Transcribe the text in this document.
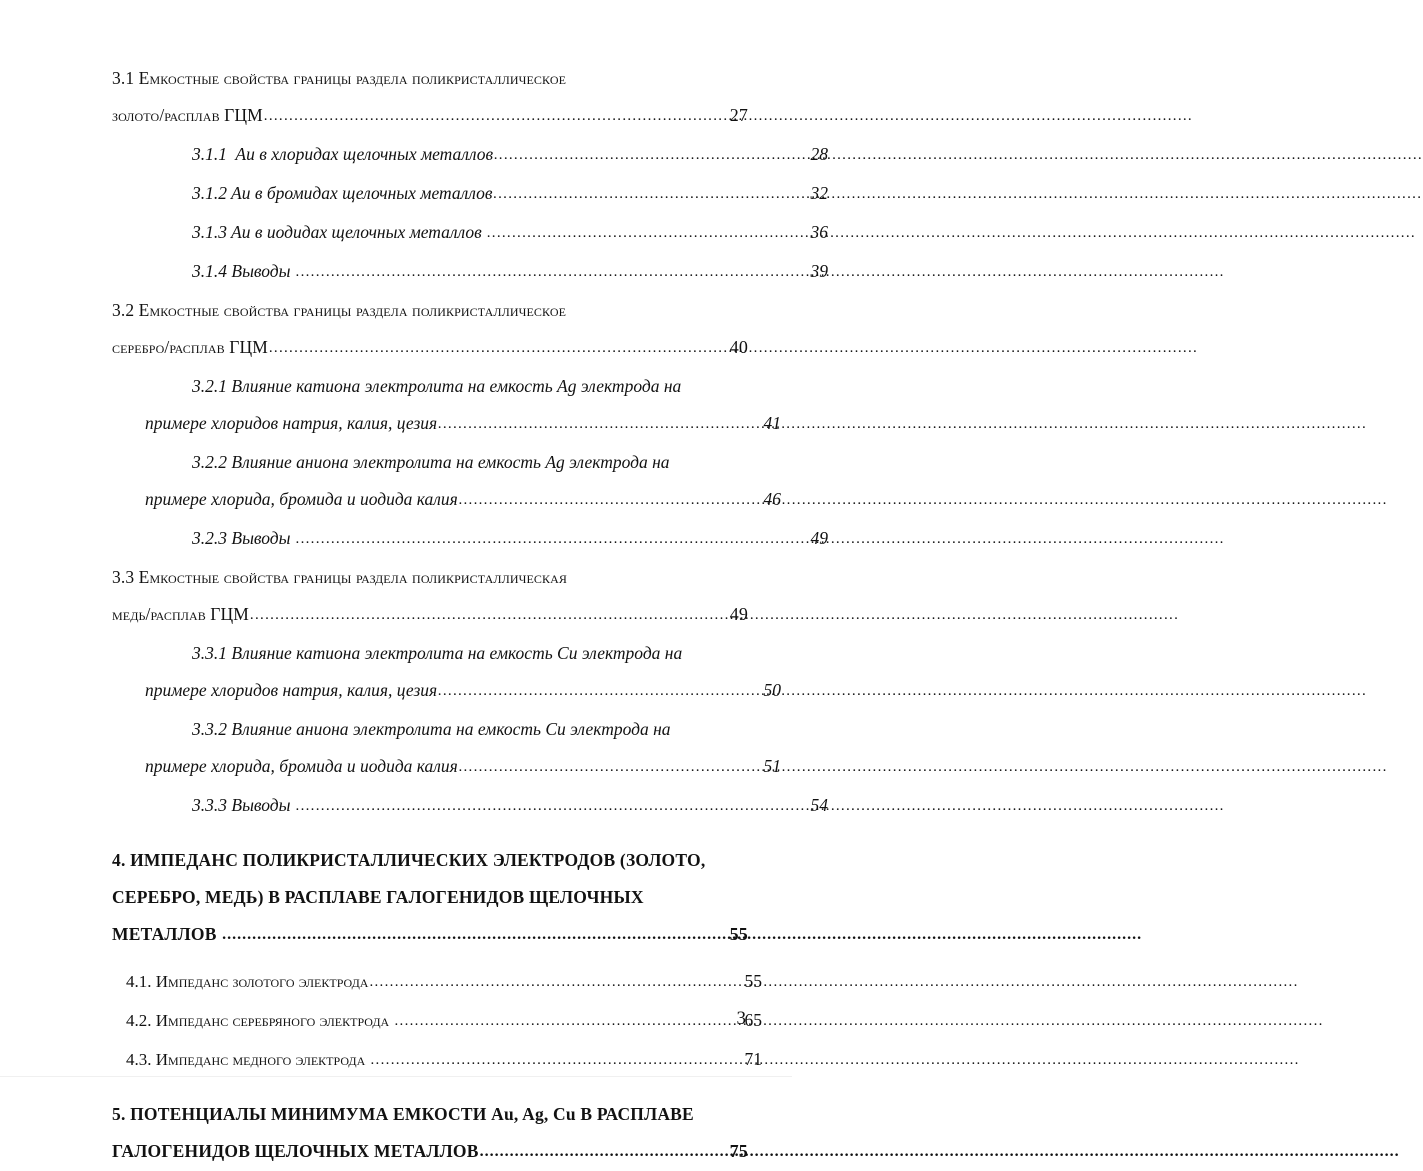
3.1 Емкостные свойства границы раздела поликристаллическое
золото/расплав ГЦМ .....	27
3.1.1  Au в хлоридах щелочных металлов .....	28
3.1.2 Au в бромидах щелочных металлов .....	32
3.1.3 Au в иодидах щелочных металлов .....	36
3.1.4 Выводы .....	39
3.2 Емкостные свойства границы раздела поликристаллическое
серебро/расплав ГЦМ .....	40
3.2.1 Влияние катиона электролита на емкость Ag электрода на
примере хлоридов натрия, калия, цезия .....	41
3.2.2 Влияние аниона электролита на емкость Ag электрода на
примере хлорида, бромида и иодида калия .....	46
3.2.3 Выводы .....	49
3.3 Емкостные свойства границы раздела поликристаллическая
медь/расплав ГЦМ .....	49
3.3.1 Влияние катиона электролита на емкость Cu электрода на
примере хлоридов натрия, калия, цезия .....	50
3.3.2 Влияние аниона электролита на емкость Cu электрода на
примере хлорида, бромида и иодида калия .....	51
3.3.3 Выводы .....	54
4. ИМПЕДАНС ПОЛИКРИСТАЛЛИЧЕСКИХ ЭЛЕКТРОДОВ (ЗОЛОТО,
СЕРЕБРО, МЕДЬ) В РАСПЛАВЕ ГАЛОГЕНИДОВ ЩЕЛОЧНЫХ
МЕТАЛЛОВ .....	55
4.1. Импеданс золотого электрода .....	55
4.2. Импеданс серебряного электрода .....	65
4.3. Импеданс медного электрода .....	71
5. ПОТЕНЦИАЛЫ МИНИМУМА ЕМКОСТИ Au, Ag, Cu В РАСПЛАВЕ
ГАЛОГЕНИДОВ ЩЕЛОЧНЫХ МЕТАЛЛОВ .....	75
3
